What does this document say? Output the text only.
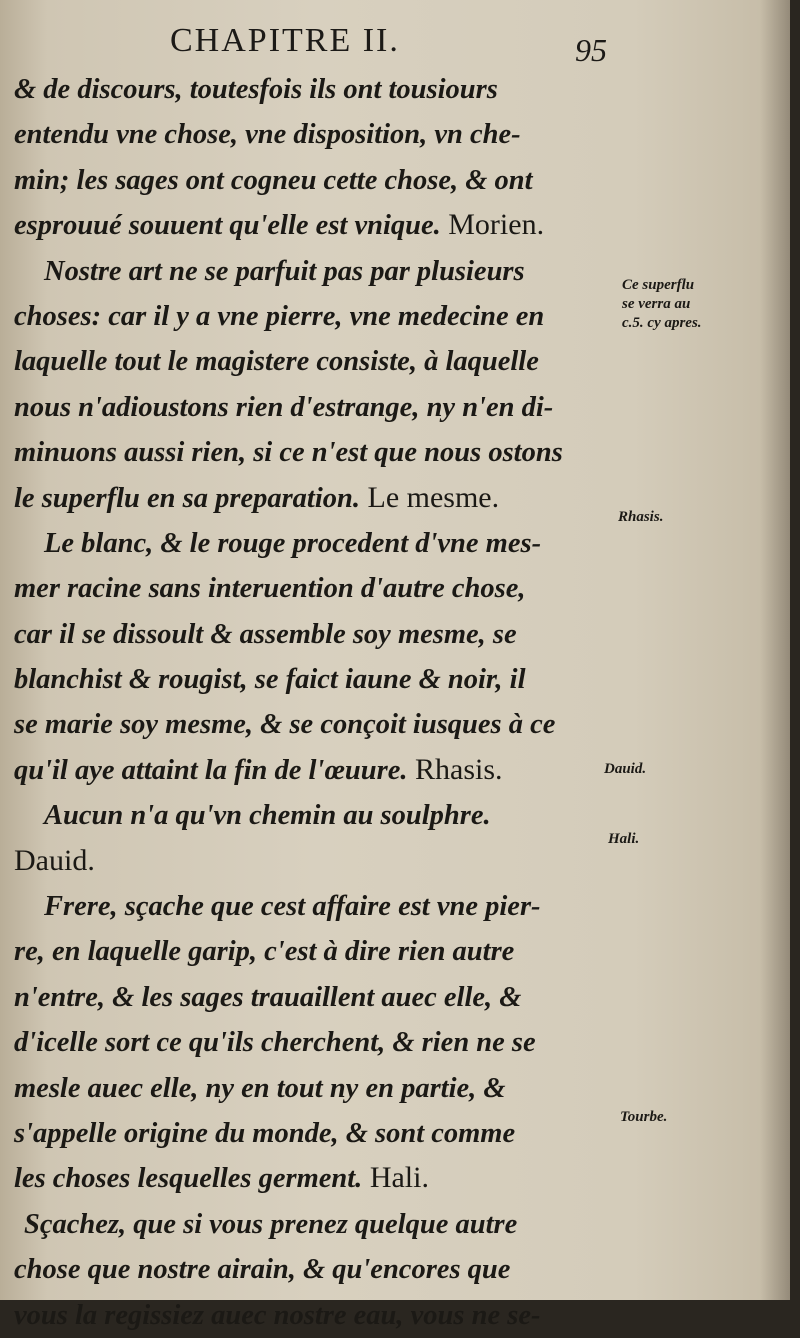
CHAPITRE II.	95
& de discours, toutesfois ils ont tousiours
entendu vne chose, vne disposition, vn che-
min; les sages ont cogneu cette chose, & ont
esprouué souuent qu'elle est vnique. Morien.
Nostre art ne se parfuit pas par plusieurs
choses: car il y a vne pierre, vne medecine en
laquelle tout le magistere consiste, à laquelle
nous n'adioustons rien d'estrange, ny n'en di-
minuons aussi rien, si ce n'est que nous ostons
le superflu en sa preparation. Le mesme.
Le blanc, & le rouge procedent d'vne mes-
mer racine sans interuention d'autre chose,
car il se dissoult & assemble soy mesme, se
blanchist & rougist, se faict iaune & noir, il
se marie soy mesme, & se conçoit iusques à ce
qu'il aye attaint la fin de l'œuure. Rhasis.
Aucun n'a qu'vn chemin au soulphre.
Dauid.
Frere, sçache que cest affaire est vne pier-
re, en laquelle garip, c'est à dire rien autre
n'entre, & les sages trauaillent auec elle, &
d'icelle sort ce qu'ils cherchent, & rien ne se
mesle auec elle, ny en tout ny en partie, &
s'appelle origine du monde, & sont comme
les choses lesquelles germent. Hali.
Sçachez, que si vous prenez quelque autre
chose que nostre airain, & qu'encores que
vous la regissiez auec nostre eau, vous ne se-
Ce superflu
se verra au
c.5. cy apres.
Rhasis.
Dauid.
Hali.
Tourbe.
